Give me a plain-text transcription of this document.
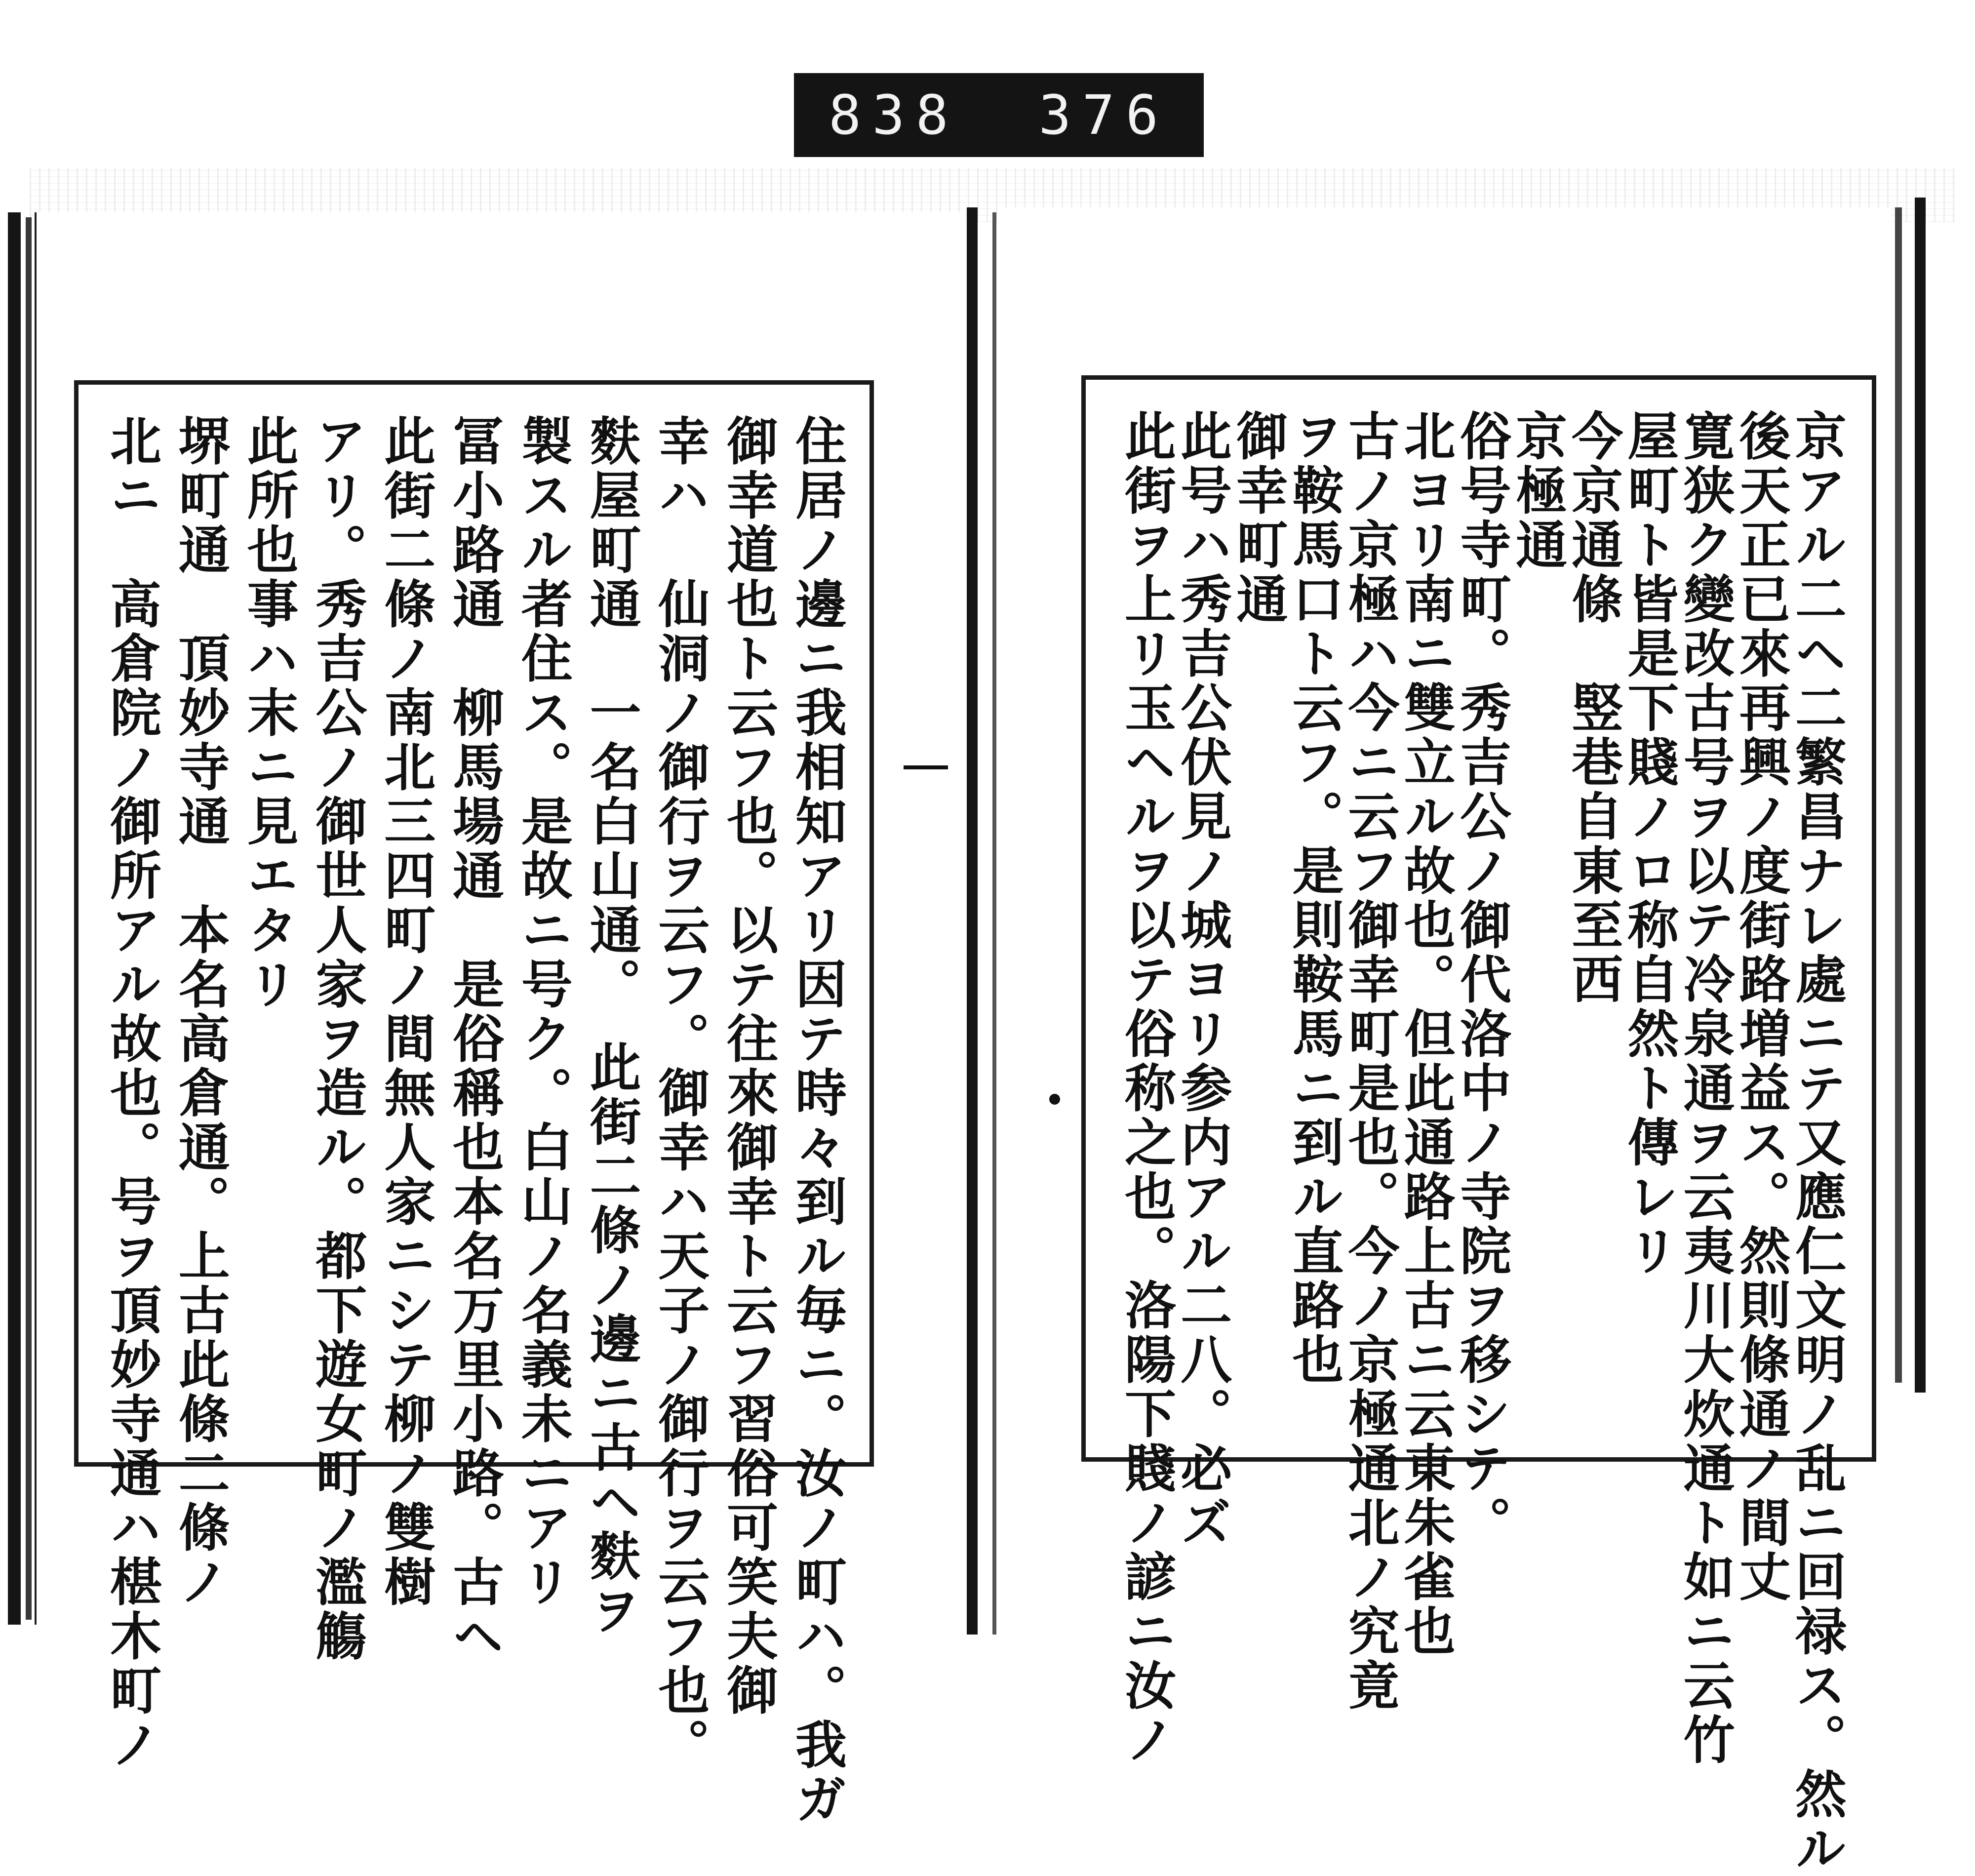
838 376
京アル二ヘ二繁昌ナレ處ニテ又應仁文明ノ乱ニ回禄ス。然ル
後天正已來再興ノ度街路増益ス。然則條通ノ間丈
寛狭ク變改古号ヲ以テ冷泉通ヲ云夷川大炊通ト如ニ云竹
屋町ト皆是下賤ノロ称自然ト傳レリ
今京通條　竪巷自東至西
京極通
俗号寺町。秀吉公ノ御代洛中ノ寺院ヲ移シテ。
北ヨリ南ニ雙立ル故也。但此通路上古ニ云東朱雀也
古ノ京極ハ今ニ云フ御幸町是也。今ノ京極通北ノ究竟
ヲ鞍馬口ト云フ。是則鞍馬ニ到ル直路也
御幸町通
此号ハ秀吉公伏見ノ城ヨリ参内アル二八。必ズ
此街ヲ上リ玉ヘルヲ以テ俗称之也。洛陽下賤ノ諺ニ汝ノ
住居ノ邊ニ我相知アリ因テ時々到ル毎ニ。汝ノ町ハ。我ガ
御幸道也ト云フ也。以テ往來御幸ト云フ習俗可笑夫御
幸ハ　仙洞ノ御行ヲ云フ。御幸ハ天子ノ御行ヲ云フ也。
麩屋町通　一名白山通。　此街二條ノ邊ニ古ヘ麩ヲ
製スル者住ス。是故ニ号ク。白山ノ名義未ニアリ
冨小路通　柳馬場通　是俗稱也本名万里小路。古ヘ
此街二條ノ南北三四町ノ間無人家ニシテ柳ノ雙樹
アリ。秀吉公ノ御世人家ヲ造ル。都下遊女町ノ濫觴
此所也事ハ末ニ見エタリ
堺町通　頂妙寺通　本名高倉通。上古此條二條ノ
北ニ　高倉院ノ御所アル故也。号ヲ頂妙寺通ハ椹木町ノ
